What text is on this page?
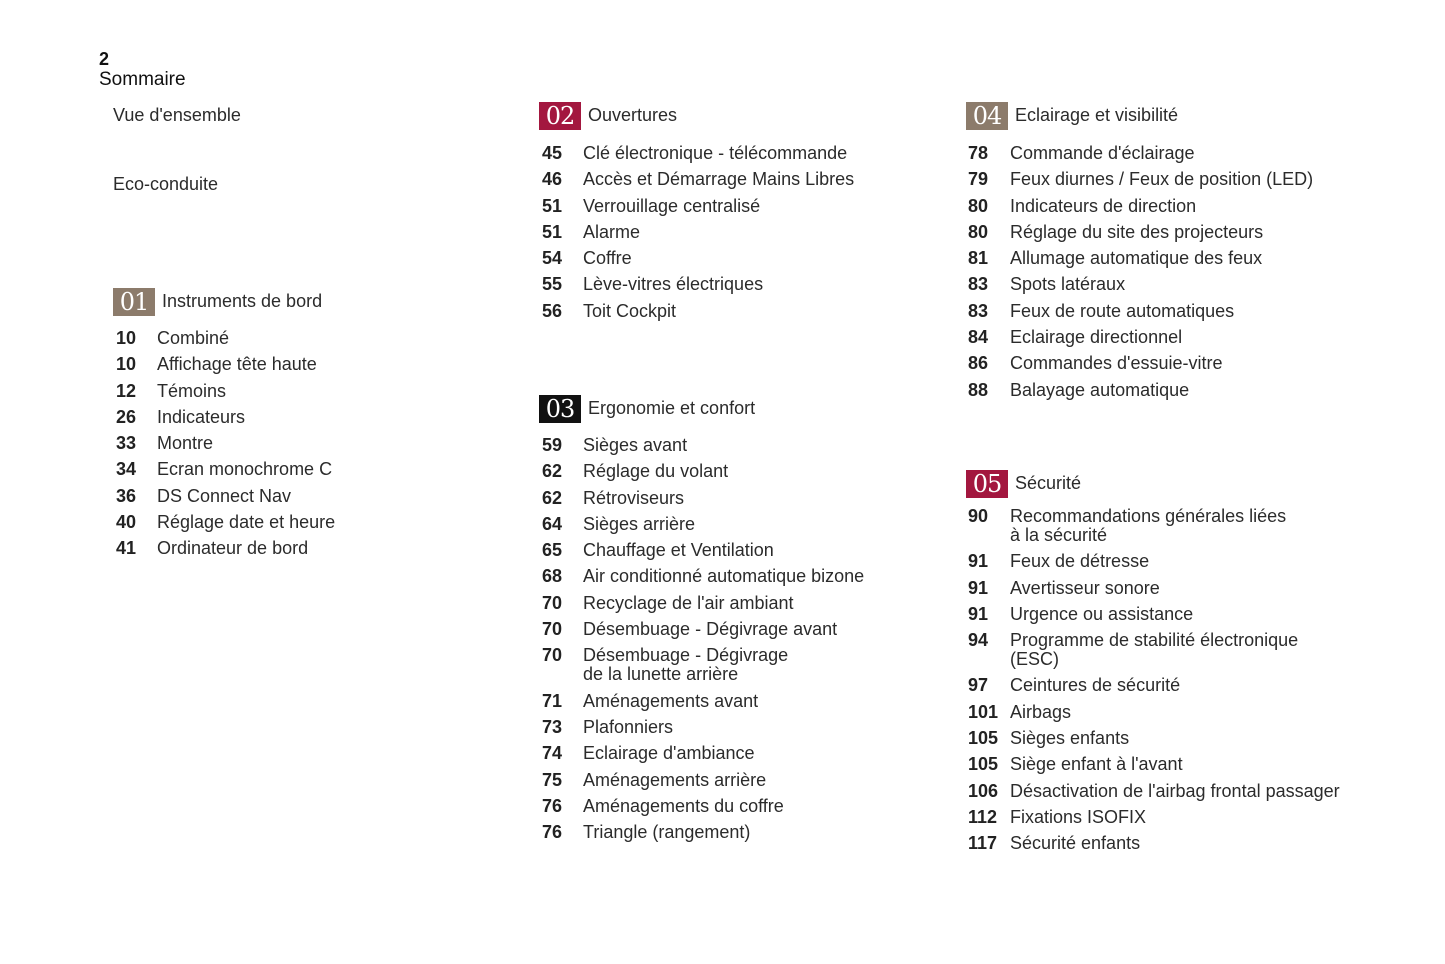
2
Sommaire
Vue d'ensemble
Eco-conduite
01 Instruments de bord
10	Combiné
10	Affichage tête haute
12	Témoins
26	Indicateurs
33	Montre
34	Ecran monochrome C
36	DS Connect Nav
40	Réglage date et heure
41	Ordinateur de bord
02 Ouvertures
45	Clé électronique - télécommande
46	Accès et Démarrage Mains Libres
51	Verrouillage centralisé
51	Alarme
54	Coffre
55	Lève-vitres électriques
56	Toit Cockpit
03 Ergonomie et confort
59	Sièges avant
62	Réglage du volant
62	Rétroviseurs
64	Sièges arrière
65	Chauffage et Ventilation
68	Air conditionné automatique bizone
70	Recyclage de l'air ambiant
70	Désembuage - Dégivrage avant
70	Désembuage - Dégivrage
de la lunette arrière
71	Aménagements avant
73	Plafonniers
74	Eclairage d'ambiance
75	Aménagements arrière
76	Aménagements du coffre
76	Triangle (rangement)
04 Eclairage et visibilité
78	Commande d'éclairage
79	Feux diurnes / Feux de position (LED)
80	Indicateurs de direction
80	Réglage du site des projecteurs
81	Allumage automatique des feux
83	Spots latéraux
83	Feux de route automatiques
84	Eclairage directionnel
86	Commandes d'essuie-vitre
88	Balayage automatique
05 Sécurité
90	Recommandations générales liées
à la sécurité
91	Feux de détresse
91	Avertisseur sonore
91	Urgence ou assistance
94	Programme de stabilité électronique
(ESC)
97	Ceintures de sécurité
101 Airbags
105 Sièges enfants
105 Siège enfant à l'avant
106 Désactivation de l'airbag frontal passager
112 Fixations ISOFIX
117 Sécurité enfants
